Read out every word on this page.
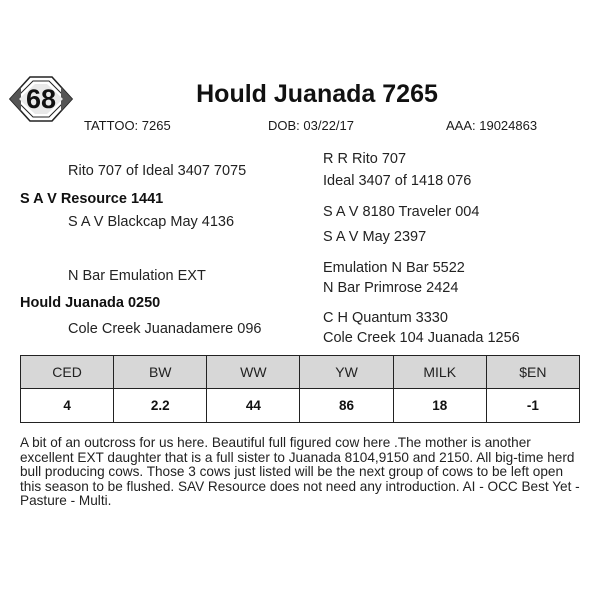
68	Hould Juanada 7265
TATTOO: 7265	DOB: 03/22/17	AAA: 19024863
Rito 707 of Ideal 3407 7075
R R Rito 707
Ideal 3407 of 1418 076
S A V Resource 1441
S A V Blackcap May 4136
S A V 8180 Traveler 004
S A V May 2397
N Bar Emulation EXT	Emulation N Bar 5522
N Bar Primrose 2424
Hould Juanada 0250
Cole Creek Juanadamere 096
C H Quantum 3330
Cole Creek 104 Juanada 1256
CED	BW	WW	YW	MILK	$EN
4	2.2	44	86	18	-1
A bit of an outcross for us here. Beautiful full figured cow here .The mother is another excellent EXT daughter that is a full sister to Juanada 8104,9150 and 2150. All big-time herd bull producing cows. Those 3 cows just listed will be the next group of cows to be left open this season to be flushed. SAV Resource does not need any introduction. AI - OCC Best Yet - Pasture - Multi.
